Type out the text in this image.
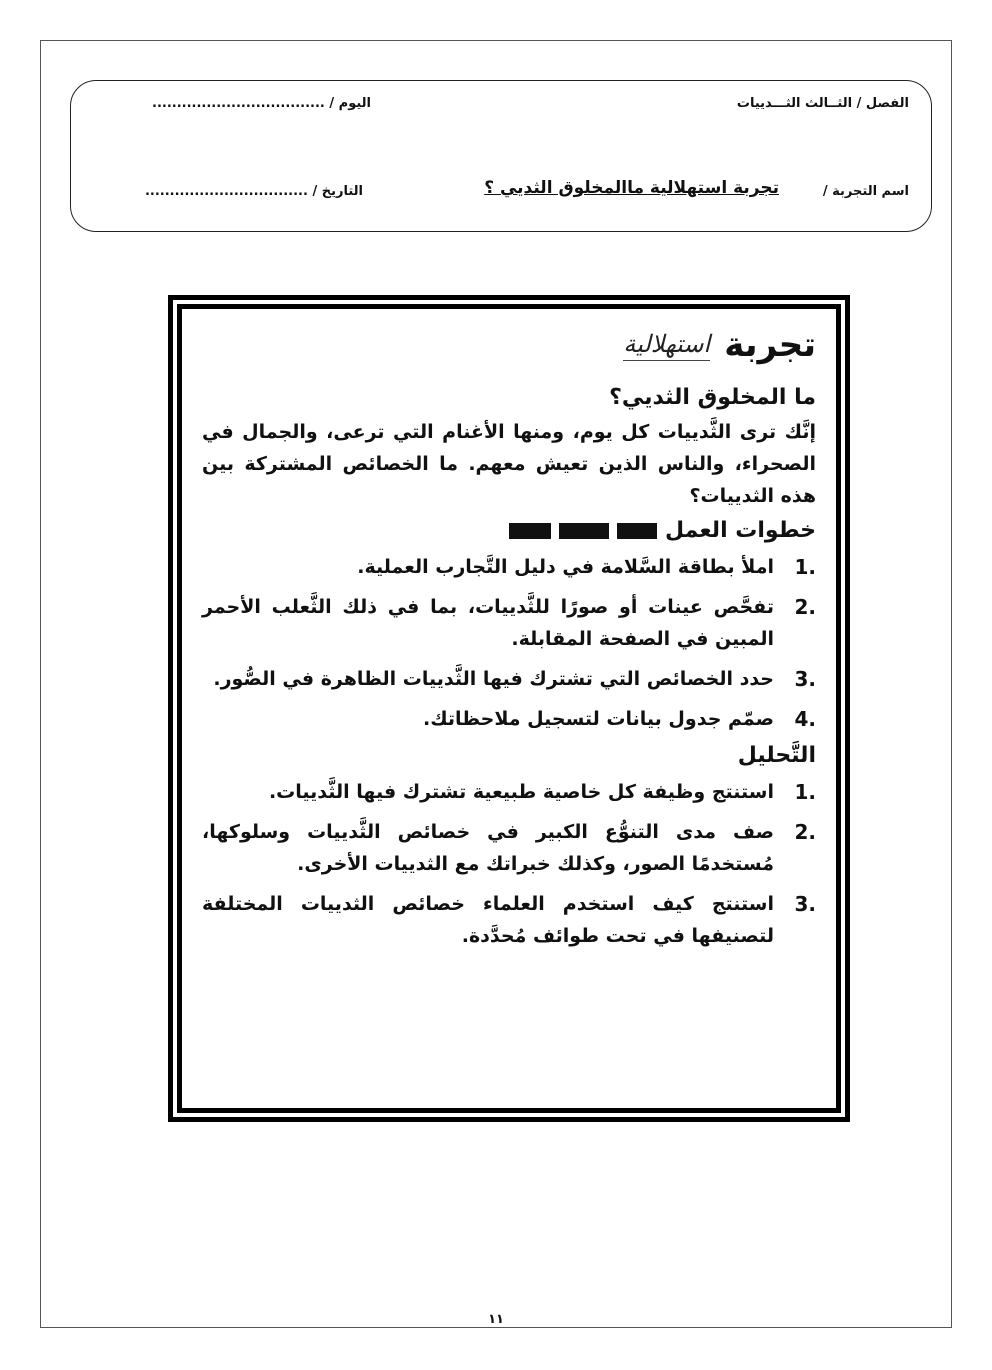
الفصل / الثــالث الثـــدييات
اليوم / ...................................
اسم التجربة /
تجربة استهلالية ماالمخلوق الثديي ؟
التاريخ / .................................
تجربة
استهلالية
ما المخلوق الثديي؟
إنَّك ترى الثَّدييات كل يوم، ومنها الأغنام التي ترعى، والجمال في الصحراء، والناس الذين تعيش معهم. ما الخصائص المشتركة بين هذه الثدييات؟
خطوات العمل
.1
املأ بطاقة السَّلامة في دليل التَّجارب العملية.
.2
تفحَّص عينات أو صورًا للثَّدييات، بما في ذلك الثَّعلب الأحمر المبين في الصفحة المقابلة.
.3
حدد الخصائص التي تشترك فيها الثَّدييات الظاهرة في الصُّور.
.4
صمّم جدول بيانات لتسجيل ملاحظاتك.
التَّحليل
.1
استنتج وظيفة كل خاصية طبيعية تشترك فيها الثَّدييات.
.2
صف مدى التنوُّع الكبير في خصائص الثَّدييات وسلوكها، مُستخدمًا الصور، وكذلك خبراتك مع الثدييات الأخرى.
.3
استنتج كيف استخدم العلماء خصائص الثدييات المختلفة لتصنيفها في تحت طوائف مُحدَّدة.
١١
